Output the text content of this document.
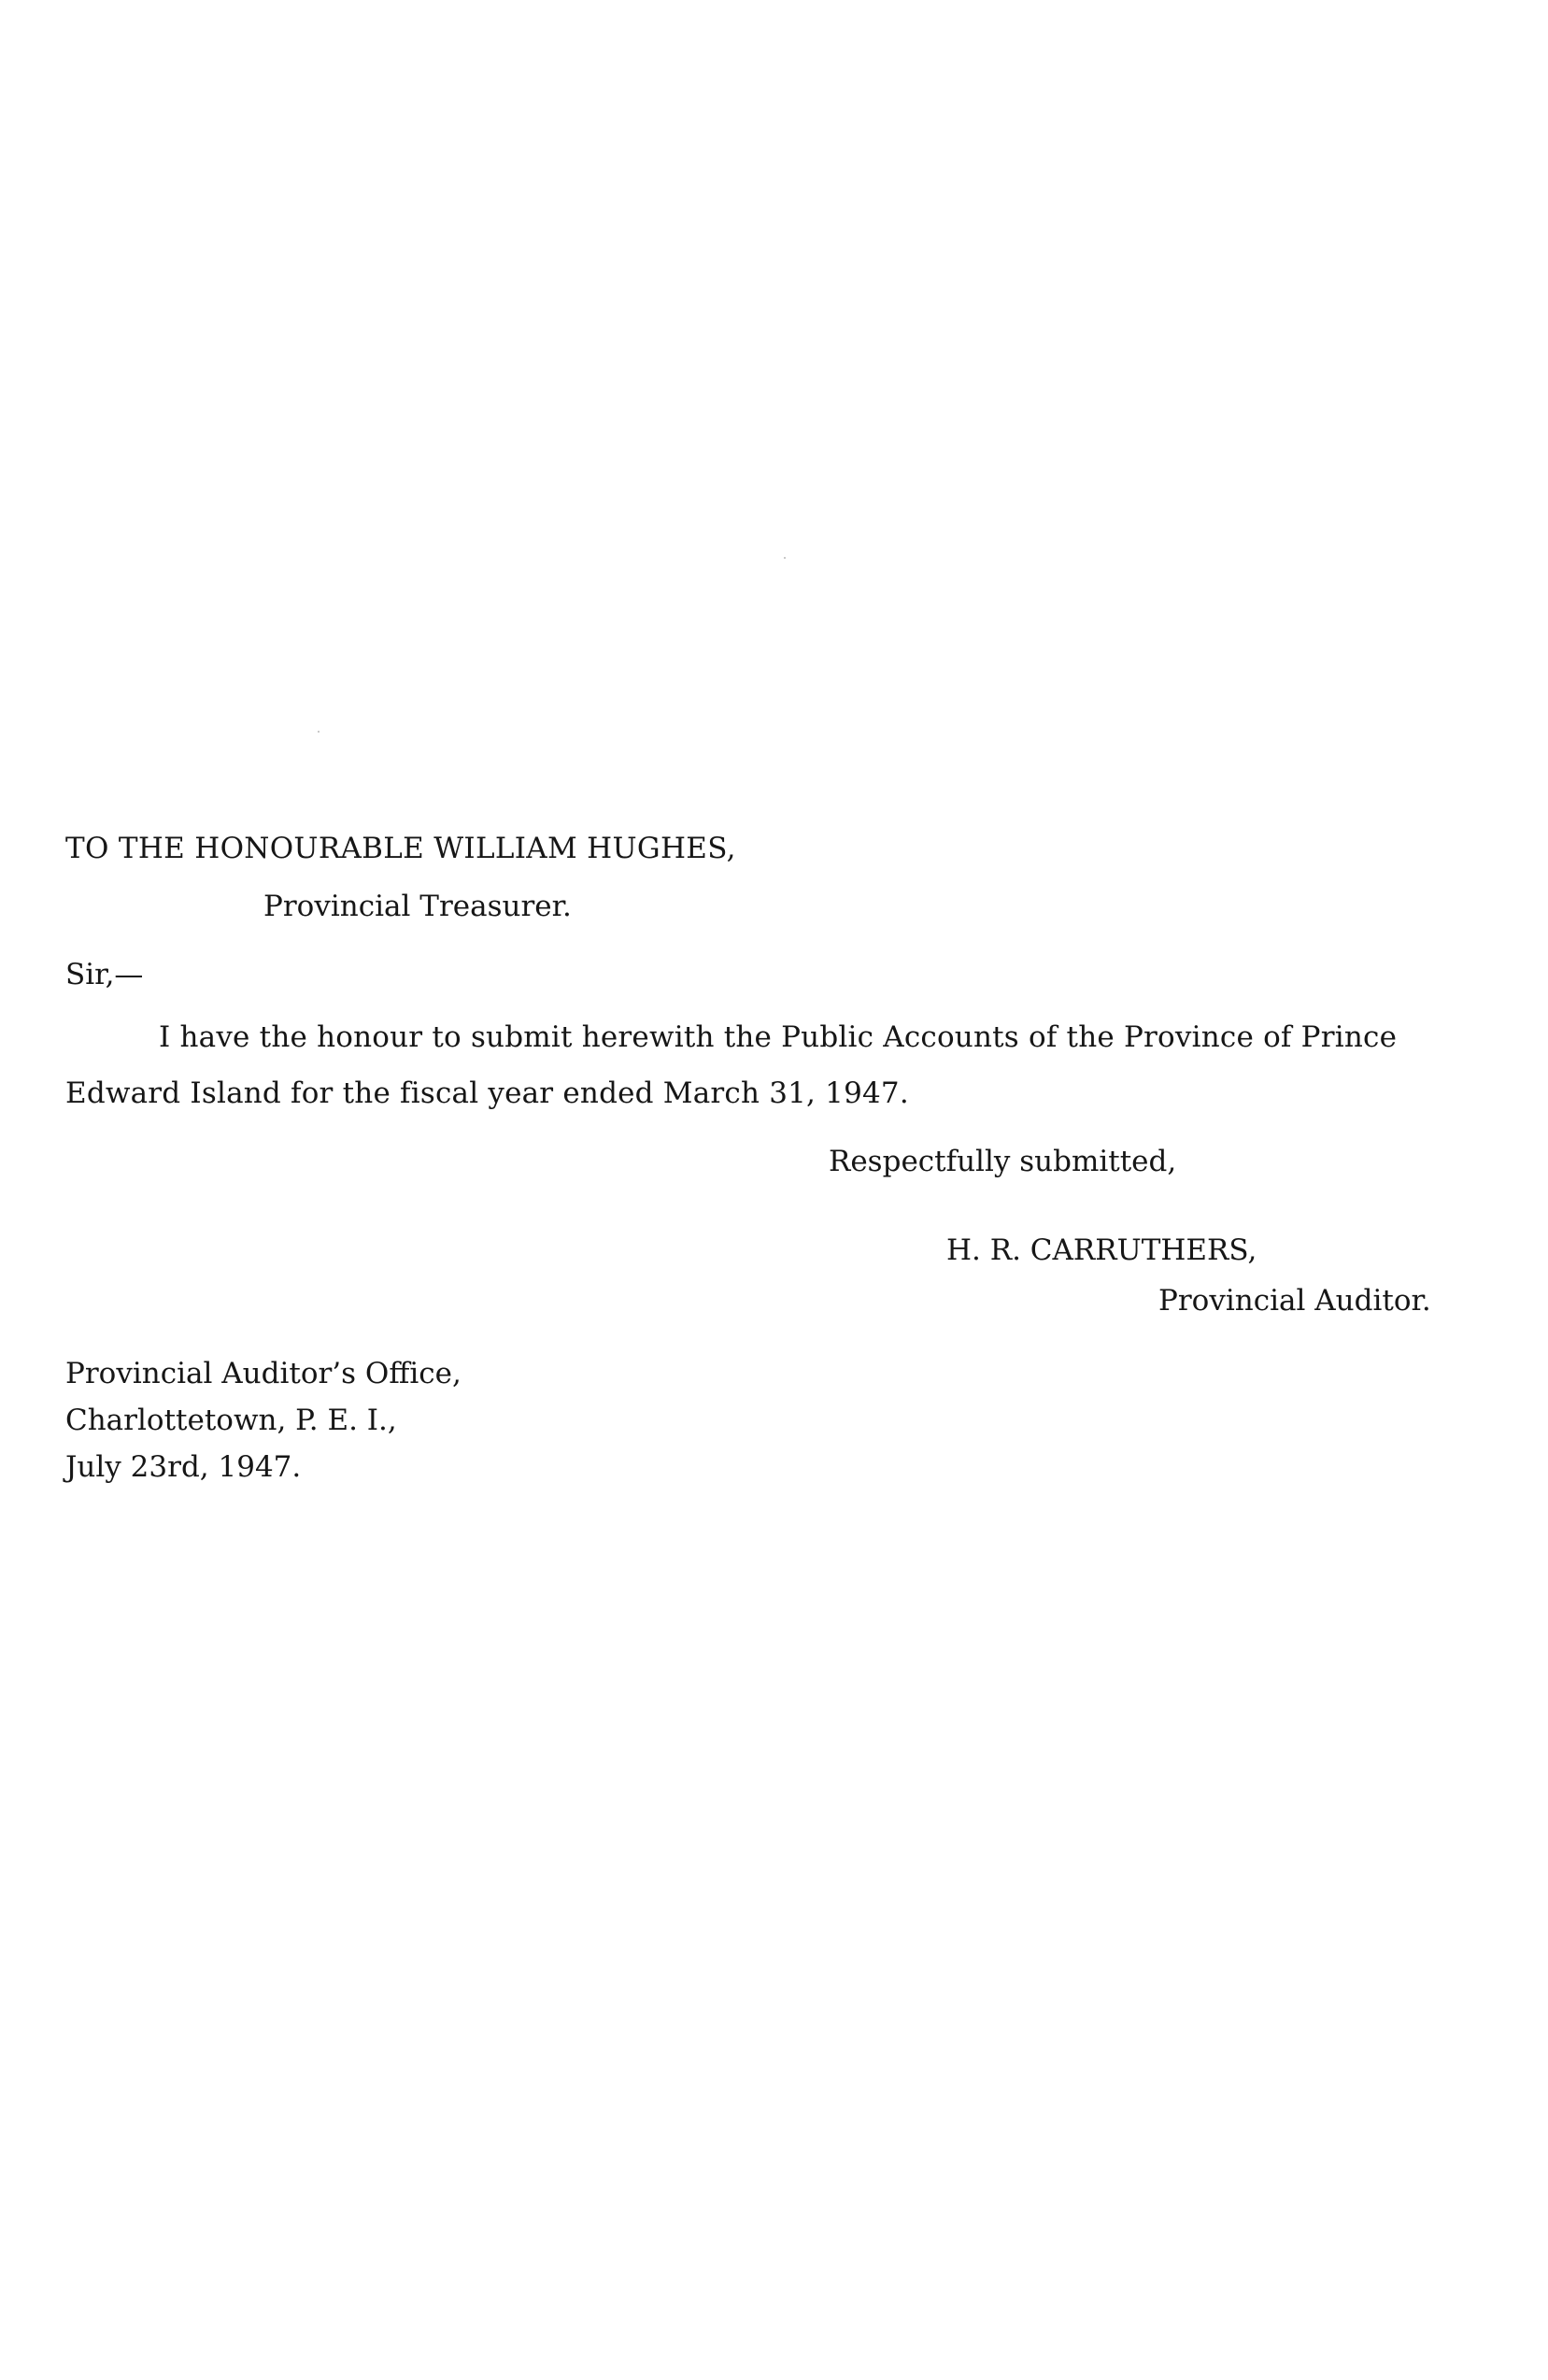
TO THE HONOURABLE WILLIAM HUGHES,
Provincial Treasurer.
Sir,—
I have the honour to submit herewith the Public Accounts of the Province of Prince
Edward Island for the fiscal year ended March 31, 1947.
Respectfully submitted,
H. R. CARRUTHERS,
Provincial Auditor.
Provincial Auditor’s Office,
Charlottetown, P. E. I.,
July 23rd, 1947.
